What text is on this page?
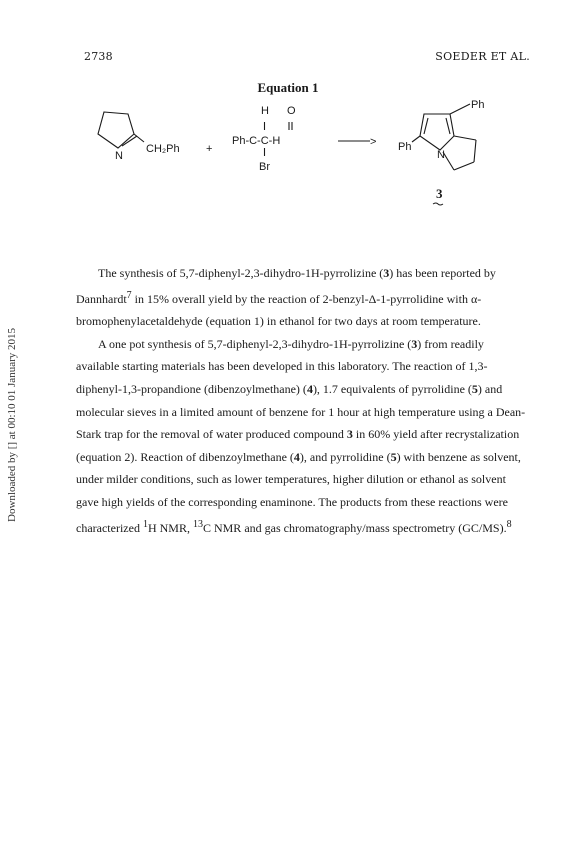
2738	SOEDER ET AL.
Equation 1
Downloaded by [] at 00:10 01 January 2015
N
CH₂Ph +
H O
Ph-C-C-H
Br
>
Ph
Ph
N
3

The synthesis of 5,7-diphenyl-2,3-dihydro-1H-pyrrolizine (3) has been reported by Dannhardt$^7$ in 15% overall yield by the reaction of 2-benzyl-Δ-1-pyrrolidine with α-bromophenylacetaldehyde (equation 1) in ethanol for two days at room temperature.

A one pot synthesis of 5,7-diphenyl-2,3-dihydro-1H-pyrrolizine (3) from readily available starting materials has been developed in this laboratory. The reaction of 1,3-diphenyl-1,3-propandione (dibenzoylmethane) (4), 1.7 equivalents of pyrrolidine (5) and molecular sieves in a limited amount of benzene for 1 hour at high temperature using a Dean-Stark trap for the removal of water produced compound 3 in 60% yield after recrystalization (equation 2). Reaction of dibenzoylmethane (4), and pyrrolidine (5) with benzene as solvent, under milder conditions, such as lower temperatures, higher dilution or ethanol as solvent gave high yields of the corresponding enaminone. The products from these reactions were characterized $^1$H NMR, $^{13}$C NMR and gas chromatography/mass spectrometry (GC/MS).$^8$
